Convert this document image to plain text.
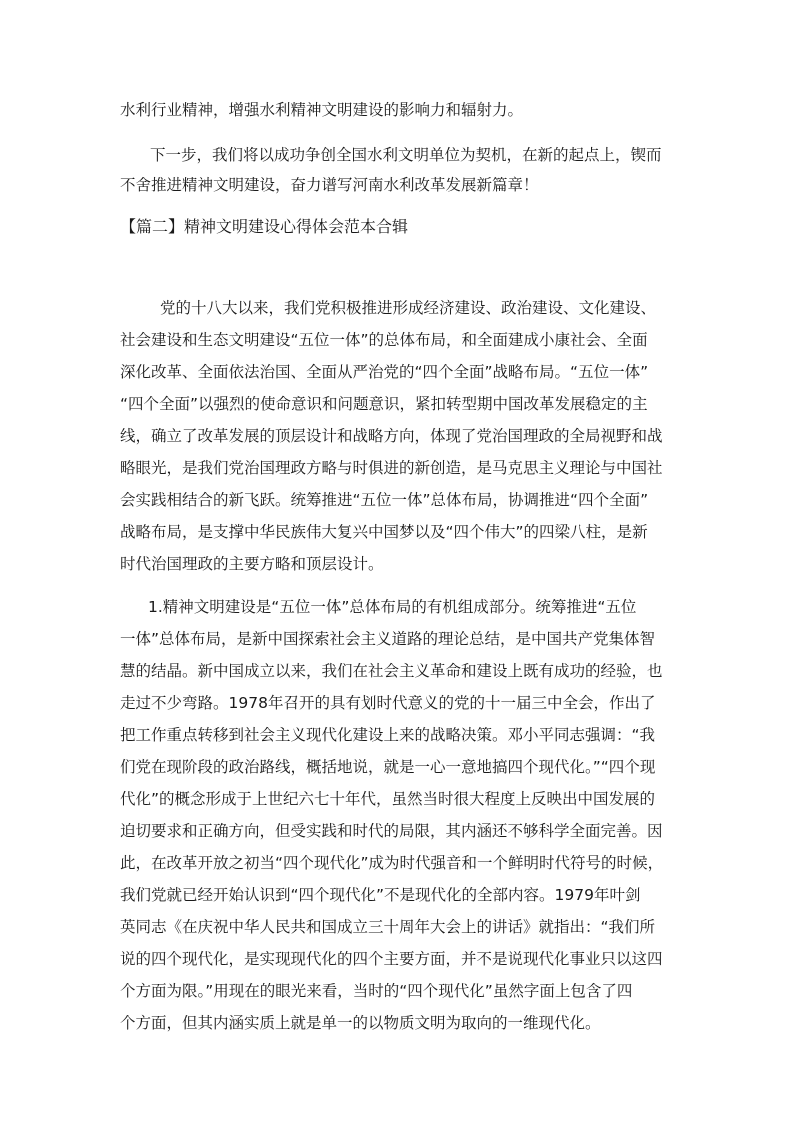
水利行业精神，增强水利精神文明建设的影响力和辐射力。
下一步，我们将以成功争创全国水利文明单位为契机，在新的起点上，锲而
不舍推进精神文明建设，奋力谱写河南水利改革发展新篇章！
【篇二】精神文明建设心得体会范本合辑
党的十八大以来，我们党积极推进形成经济建设、政治建设、文化建设、
社会建设和生态文明建设“五位一体”的总体布局，和全面建成小康社会、全面
深化改革、全面依法治国、全面从严治党的“四个全面”战略布局。“五位一体”
“四个全面”以强烈的使命意识和问题意识，紧扣转型期中国改革发展稳定的主
线，确立了改革发展的顶层设计和战略方向，体现了党治国理政的全局视野和战
略眼光，是我们党治国理政方略与时俱进的新创造，是马克思主义理论与中国社
会实践相结合的新飞跃。统筹推进“五位一体”总体布局，协调推进“四个全面”
战略布局，是支撑中华民族伟大复兴中国梦以及“四个伟大”的四梁八柱，是新
时代治国理政的主要方略和顶层设计。
1.精神文明建设是“五位一体”总体布局的有机组成部分。统筹推进“五位
一体”总体布局，是新中国探索社会主义道路的理论总结，是中国共产党集体智
慧的结晶。新中国成立以来，我们在社会主义革命和建设上既有成功的经验，也
走过不少弯路。1978年召开的具有划时代意义的党的十一届三中全会，作出了
把工作重点转移到社会主义现代化建设上来的战略决策。邓小平同志强调：“我
们党在现阶段的政治路线，概括地说，就是一心一意地搞四个现代化。”“四个现
代化”的概念形成于上世纪六七十年代，虽然当时很大程度上反映出中国发展的
迫切要求和正确方向，但受实践和时代的局限，其内涵还不够科学全面完善。因
此，在改革开放之初当“四个现代化”成为时代强音和一个鲜明时代符号的时候，
我们党就已经开始认识到“四个现代化”不是现代化的全部内容。1979年叶剑
英同志《在庆祝中华人民共和国成立三十周年大会上的讲话》就指出：“我们所
说的四个现代化，是实现现代化的四个主要方面，并不是说现代化事业只以这四
个方面为限。”用现在的眼光来看，当时的“四个现代化”虽然字面上包含了四
个方面，但其内涵实质上就是单一的以物质文明为取向的一维现代化。
